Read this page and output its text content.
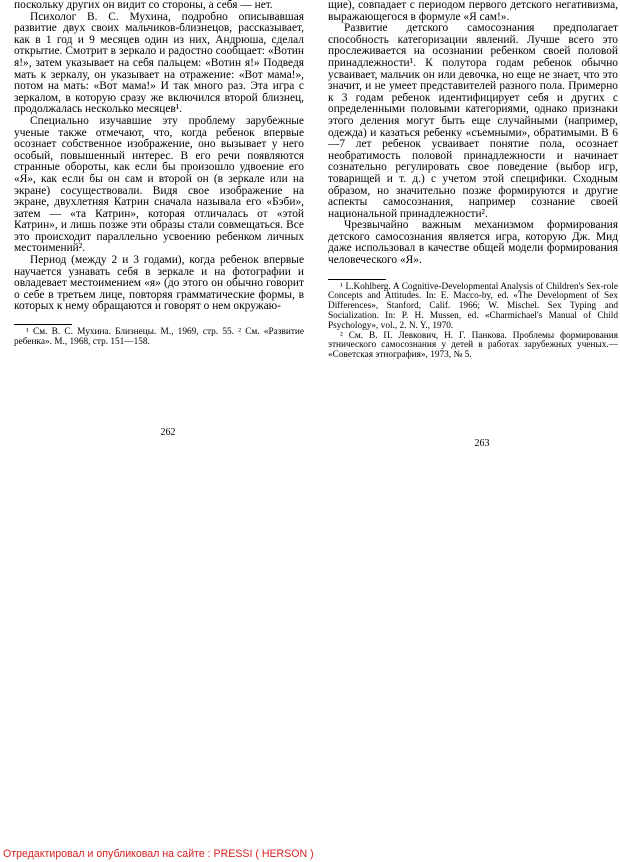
поскольку других он видит со стороны, а себя — нет.

Психолог В. С. Мухина, подробно описывавшая развитие двух своих мальчиков-близнецов, рассказывает, как в 1 год и 9 месяцев один из них, Андрюша, сделал открытие. Смотрит в зеркало и радостно сообщает: «Вотин я!», затем указывает на себя пальцем: «Вотин я!» Подведя мать к зеркалу, он указывает на отражение: «Вот мама!», потом на мать: «Вот мама!» И так много раз. Эта игра с зеркалом, в которую сразу же включился второй близнец, продолжалась несколько месяцев¹.

Специально изучавшие эту проблему зарубежные ученые также отмечают, что, когда ребенок впервые осознает собственное изображение, оно вызывает у него особый, повышенный интерес. В его речи появляются странные обороты, как если бы произошло удвоение его «Я», как если бы он сам и второй он (в зеркале или на экране) сосуществовали. Видя свое изображение на экране, двухлетняя Катрин сначала называла его «Бэби», затем — «та Катрин», которая отличалась от «этой Катрин», и лишь позже эти образы стали совмещаться. Все это происходит параллельно усвоению ребенком личных местоимений².

Период (между 2 и 3 годами), когда ребенок впервые научается узнавать себя в зеркале и на фотографии и овладевает местоимением «я» (до этого он обычно говорит о себе в третьем лице, повторяя грамматические формы, в которых к нему обращаются и говорят о нем окружаю-

¹ См. В. С. Мухина. Близнецы. М., 1969, стр. 55. ² См. «Развитие ребенка». М., 1968, стр. 151—158.

262

щие), совпадает с периодом первого детского негативизма, выражающегося в формуле «Я сам!».

Развитие детского самосознания предполагает способность категоризации явлений. Лучше всего это прослеживается на осознании ребенком своей половой принадлежности¹. К полутора годам ребенок обычно усваивает, мальчик он или девочка, но еще не знает, что это значит, и не умеет представителей разного пола. Примерно к 3 годам ребенок идентифицирует себя и других с определенными половыми категориями, однако признаки этого деления могут быть еще случайными (например, одежда) и казаться ребенку «съемными», обратимыми. В 6—7 лет ребенок усваивает понятие пола, осознает необратимость половой принадлежности и начинает сознательно регулировать свое поведение (выбор игр, товарищей и т. д.) с учетом этой специфики. Сходным образом, но значительно позже формируются и другие аспекты самосознания, например сознание своей национальной принадлежности².

Чрезвычайно важным механизмом формирования детского самосознания является игра, которую Дж. Мид даже использовал в качестве общей модели формирования человеческого «Я».

¹ L.Kohlberg. A Cognitive-Developmental Analysis of Children's Sex-role Concepts and Attitudes. In: E. Macco-by, ed. «The Development of Sex Differences», Stanford, Calif. 1966; W. Mischel. Sex Typing and Socialization. In: P. H. Mussen, ed. «Charmichael's Manual of Child Psychology», vol., 2. N. Y., 1970.

² См. В. П. Левкович, Н. Г. Панкова. Проблемы формирования этнического самосознания у детей в работах зарубежных ученых.— «Советская этнография», 1973, № 5.

263
Отредактировал и опубликовал на сайте : PRESSI ( HERSON )
